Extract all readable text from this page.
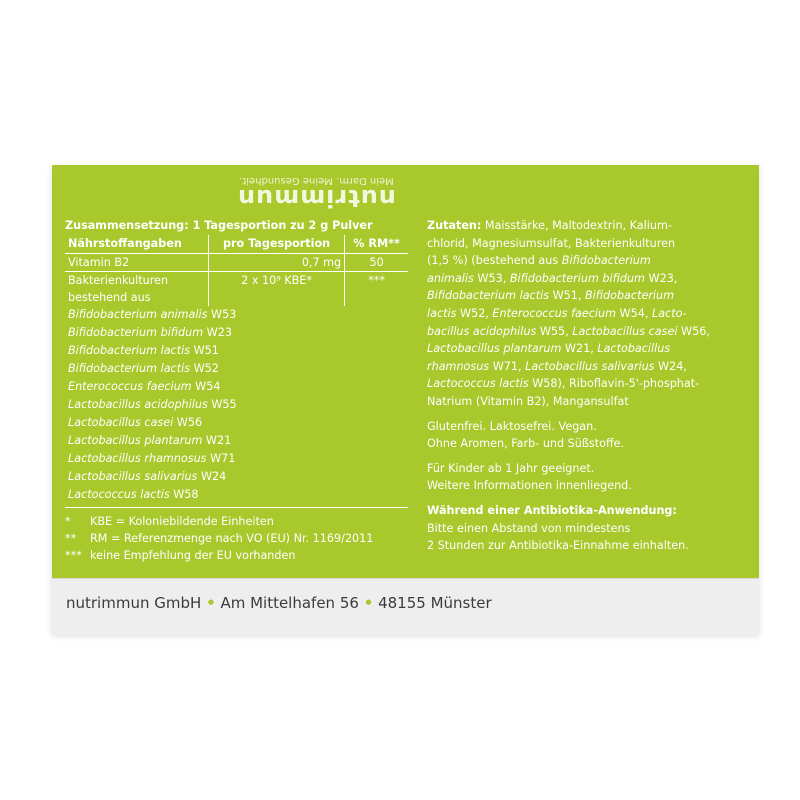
nutrimmun
Mein Darm. Meine Gesundheit.
Zusammensetzung: 1 Tagesportion zu 2 g Pulver
Nährstoffangaben	pro Tagesportion	% RM**
Vitamin B2	0,7 mg	50
Bakterienkulturen	2 x 10⁹ KBE*	***
bestehend aus		
Bifidobacterium animalis W53
Bifidobacterium bifidum W23
Bifidobacterium lactis W51
Bifidobacterium lactis W52
Enterococcus faecium W54
Lactobacillus acidophilus W55
Lactobacillus casei W56
Lactobacillus plantarum W21
Lactobacillus rhamnosus W71
Lactobacillus salivarius W24
Lactococcus lactis W58
* KBE = Koloniebildende Einheiten
** RM = Referenzmenge nach VO (EU) Nr. 1169/2011
*** keine Empfehlung der EU vorhanden

Zutaten: Maisstärke, Maltodextrin, Kalium-
chlorid, Magnesiumsulfat, Bakterienkulturen
(1,5 %) (bestehend aus Bifidobacterium
animalis W53, Bifidobacterium bifidum W23,
Bifidobacterium lactis W51, Bifidobacterium
lactis W52, Enterococcus faecium W54, Lacto-
bacillus acidophilus W55, Lactobacillus casei W56,
Lactobacillus plantarum W21, Lactobacillus
rhamnosus W71, Lactobacillus salivarius W24,
Lactococcus lactis W58), Riboflavin-5'-phosphat-
Natrium (Vitamin B2), Mangansulfat

Glutenfrei. Laktosefrei. Vegan.
Ohne Aromen, Farb- und Süßstoffe.

Für Kinder ab 1 Jahr geeignet.
Weitere Informationen innenliegend.

Während einer Antibiotika-Anwendung:
Bitte einen Abstand von mindestens
2 Stunden zur Antibiotika-Einnahme einhalten.

nutrimmun GmbH • Am Mittelhafen 56 • 48155 Münster
